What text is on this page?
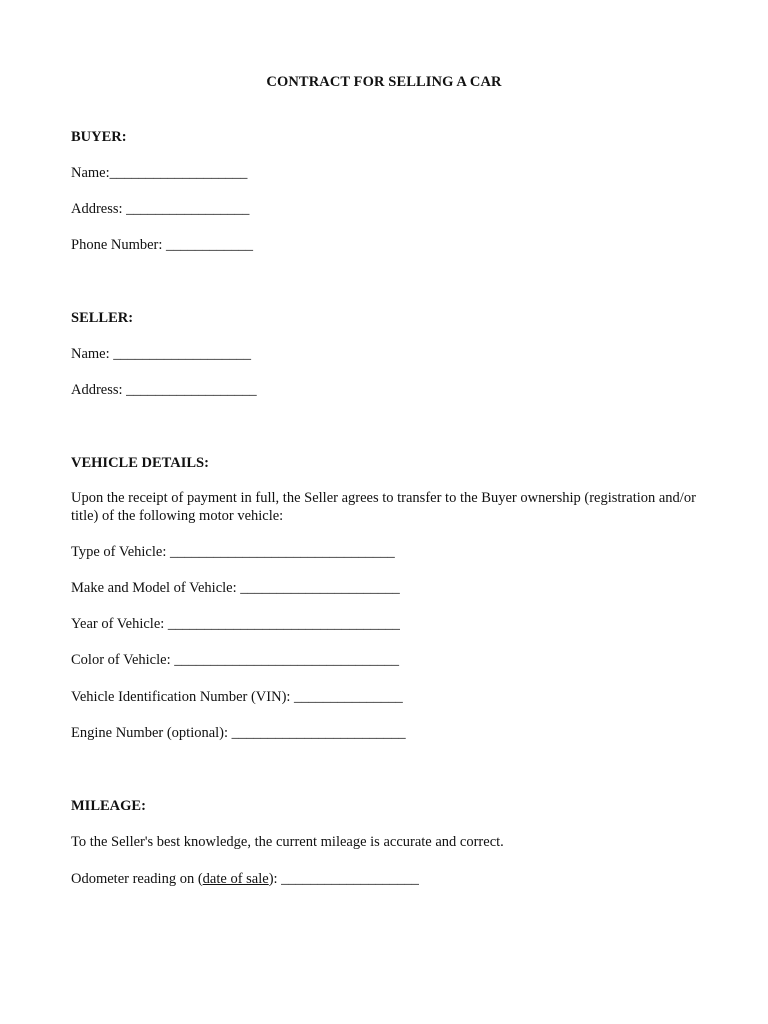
CONTRACT FOR SELLING A CAR
BUYER:
Name:___________________
Address: _________________
Phone Number: ____________
SELLER:
Name: ___________________
Address: __________________
VEHICLE DETAILS:
Upon the receipt of payment in full, the Seller agrees to transfer to the Buyer ownership (registration and/or title) of the following motor vehicle:
Type of Vehicle: _______________________________
Make and Model of Vehicle: ______________________
Year of Vehicle: ________________________________
Color of Vehicle: _______________________________
Vehicle Identification Number (VIN): _______________
Engine Number (optional): ________________________
MILEAGE:
To the Seller's best knowledge, the current mileage is accurate and correct.
Odometer reading on (date of sale): ___________________
